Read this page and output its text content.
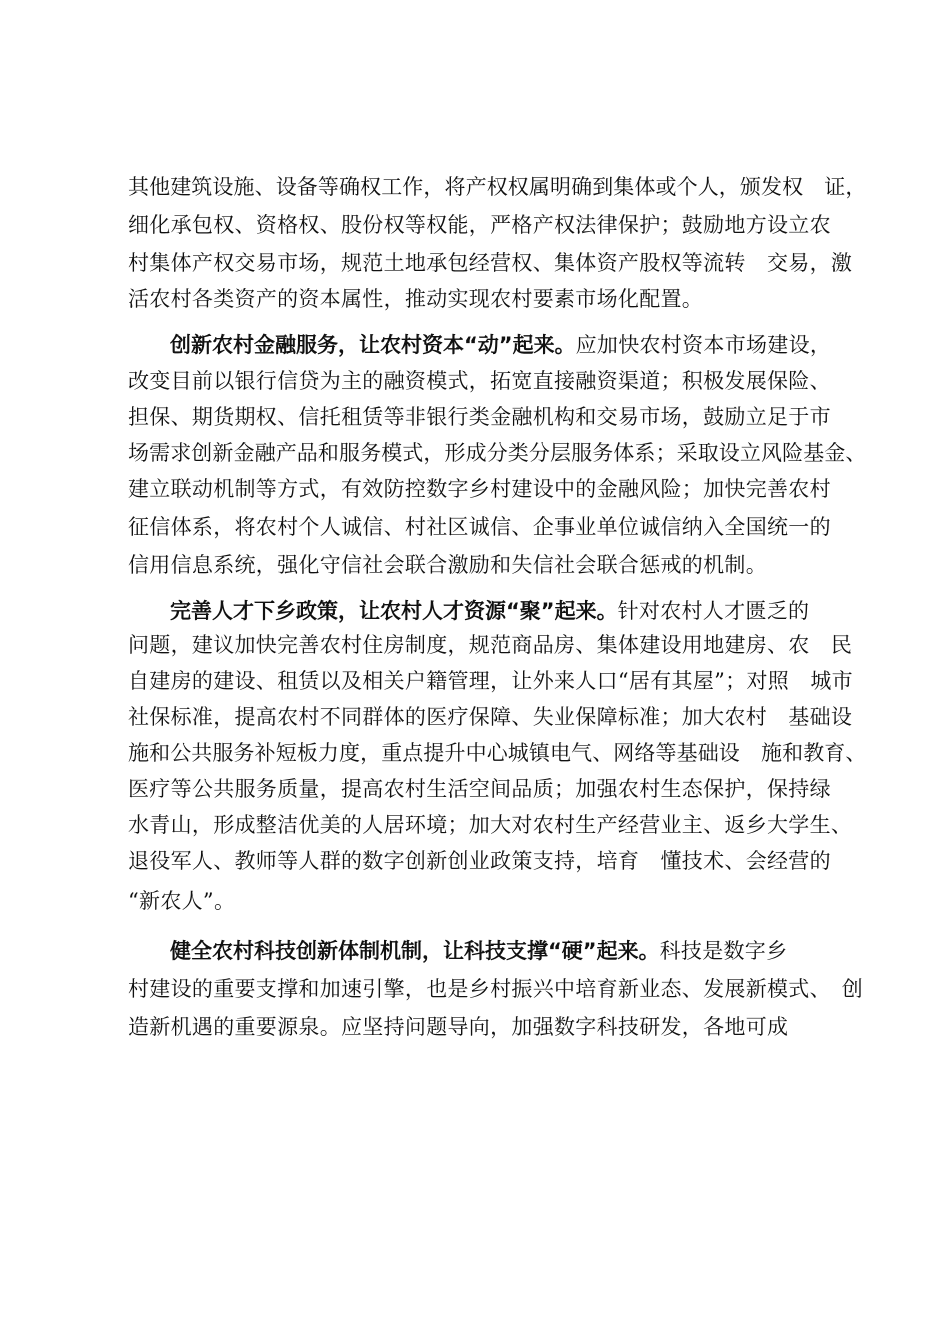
其他建筑设施、设备等确权工作，将产权权属明确到集体或个人，颁发权　证，
细化承包权、资格权、股份权等权能，严格产权法律保护；鼓励地方设立农
村集体产权交易市场，规范土地承包经营权、集体资产股权等流转　交易，激
活农村各类资产的资本属性，推动实现农村要素市场化配置。
创新农村金融服务，让农村资本“动”起来。应加快农村资本市场建设，
改变目前以银行信贷为主的融资模式，拓宽直接融资渠道；积极发展保险、
担保、期货期权、信托租赁等非银行类金融机构和交易市场，鼓励立足于市
场需求创新金融产品和服务模式，形成分类分层服务体系；采取设立风险基金、
建立联动机制等方式，有效防控数字乡村建设中的金融风险；加快完善农村
征信体系，将农村个人诚信、村社区诚信、企事业单位诚信纳入全国统一的
信用信息系统，强化守信社会联合激励和失信社会联合惩戒的机制。
完善人才下乡政策，让农村人才资源“聚”起来。针对农村人才匮乏的
问题，建议加快完善农村住房制度，规范商品房、集体建设用地建房、农　民
自建房的建设、租赁以及相关户籍管理，让外来人口“居有其屋”；对照　城市
社保标准，提高农村不同群体的医疗保障、失业保障标准；加大农村　基础设
施和公共服务补短板力度，重点提升中心城镇电气、网络等基础设　施和教育、
医疗等公共服务质量，提高农村生活空间品质；加强农村生态保护，保持绿
水青山，形成整洁优美的人居环境；加大对农村生产经营业主、返乡大学生、
退役军人、教师等人群的数字创新创业政策支持，培育　懂技术、会经营的
“新农人”。
健全农村科技创新体制机制，让科技支撑“硬”起来。科技是数字乡
村建设的重要支撑和加速引擎，也是乡村振兴中培育新业态、发展新模式、　创
造新机遇的重要源泉。应坚持问题导向，加强数字科技研发，各地可成
